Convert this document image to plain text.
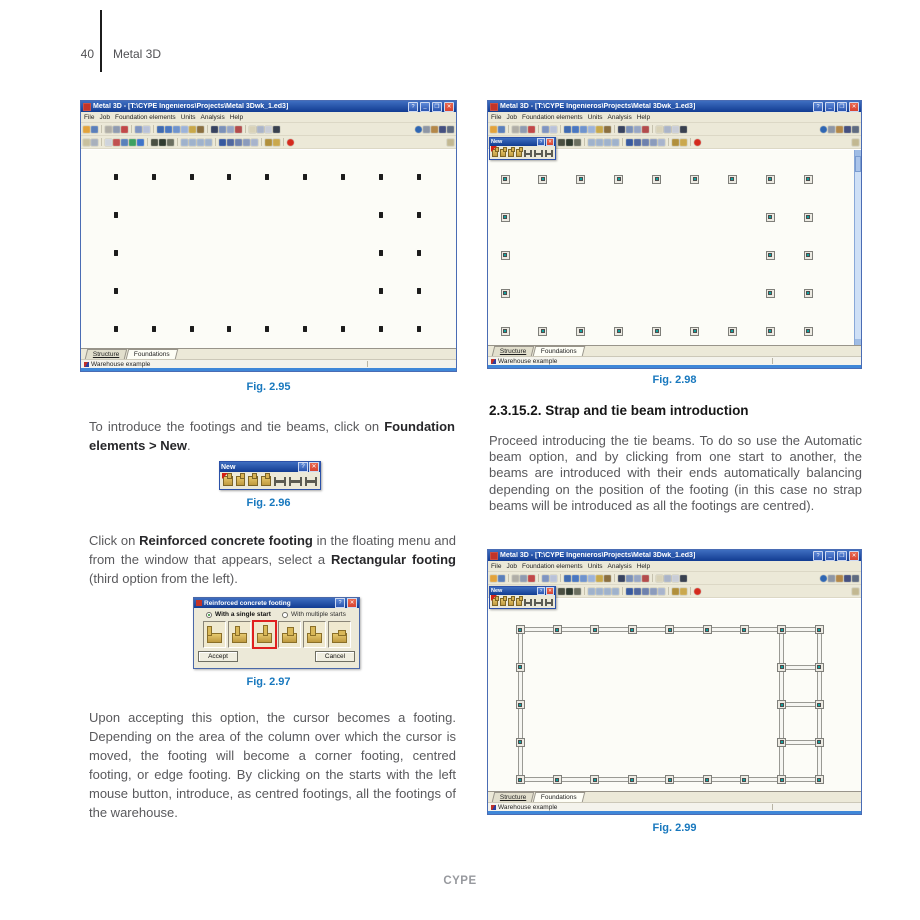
40 Metal 3D
Metal 3D - [T:\CYPE Ingenieros\Projects\Metal 3Dwk_1.ed3]	?	_	❐	✕
File Job Foundation elements Units Analysis Help
Structure	Foundations
Warehouse example
Fig. 2.95

To introduce the footings and tie beams, click on Foundation elements > New.

New	?	✕
Fig. 2.96

Click on Reinforced concrete footing in the floating menu and from the window that appears, select a Rectangular footing (third option from the left).

Reinforced concrete footing	?	✕
With a single start	With multiple starts
Accept	Cancel
Fig. 2.97

Upon accepting this option, the cursor becomes a footing. Depending on the area of the column over which the cursor is moved, the footing will become a corner footing, centred footing, or edge footing. By clicking on the starts with the left mouse button, introduce, as centred footings, all the footings of the warehouse.

Metal 3D - [T:\CYPE Ingenieros\Projects\Metal 3Dwk_1.ed3]	?	_	❐	✕
File Job Foundation elements Units Analysis Help
Structure	Foundations
Warehouse example
New	?	✕
Fig. 2.98
2.3.15.2. Strap and tie beam introduction

Proceed introducing the tie beams. To do so use the Automatic beam option, and by clicking from one start to another, the beams are introduced with their ends automatically balancing depending on the position of the footing (in this case no strap beams will be introduced as all the footings are centred).

Metal 3D - [T:\CYPE Ingenieros\Projects\Metal 3Dwk_1.ed3]	?	_	❐	✕
File Job Foundation elements Units Analysis Help
Structure	Foundations
Warehouse example
New	?	✕
Fig. 2.99
CYPE
